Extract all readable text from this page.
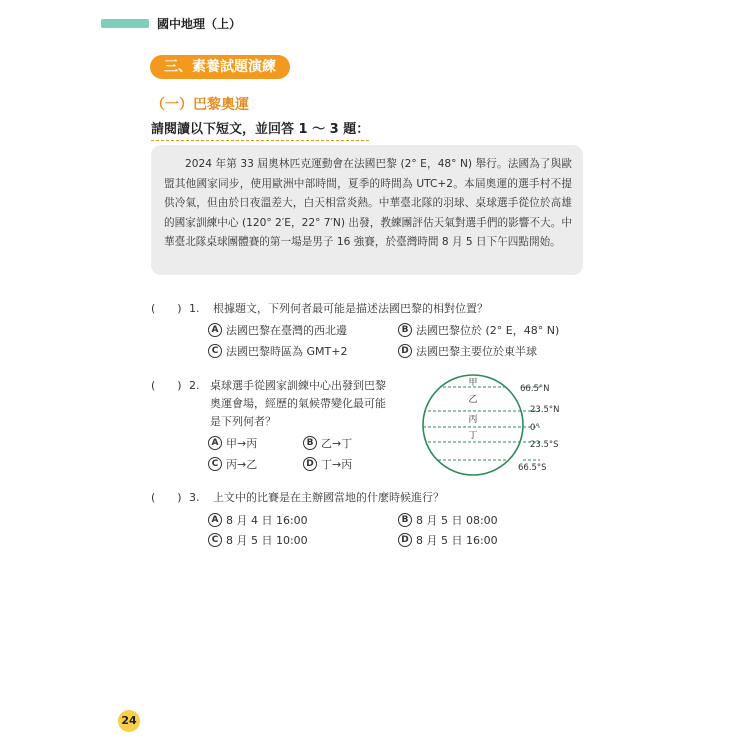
國中地理（上）
三、素養試題演練
（一）巴黎奧運
請閱讀以下短文，並回答 1 ～ 3 題：

2024 年第 33 屆奧林匹克運動會在法國巴黎 (2° E，48° N) 舉行。法國為了與歐盟其他國家同步，使用歐洲中部時間，夏季的時間為 UTC+2。本屆奧運的選手村不提供冷氣，但由於日夜溫差大，白天相當炎熱。中華臺北隊的羽球、桌球選手從位於高雄的國家訓練中心 (120° 2′E，22° 7′N) 出發，教練團評估天氣對選手們的影響不大。中華臺北隊桌球團體賽的第一場是男子 16 強賽，於臺灣時間 8 月 5 日下午四點開始。

(　　) 1. 根據題文，下列何者最可能是描述法國巴黎的相對位置？
A 法國巴黎在臺灣的西北邊	B 法國巴黎位於 (2° E，48° N)
C 法國巴黎時區為 GMT+2	D 法國巴黎主要位於東半球
(　　) 2. 桌球選手從國家訓練中心出發到巴黎奧運會場，經歷的氣候帶變化最可能是下列何者？
A 甲→丙	B 乙→丁
C 丙→乙	D 丁→丙
甲
乙
丙
丁
66.5°N
23.5°N
0°
23.5°S
66.5°S
(　　) 3. 上文中的比賽是在主辦國當地的什麼時候進行？
A 8 月 4 日 16:00	B 8 月 5 日 08:00
C 8 月 5 日 10:00	D 8 月 5 日 16:00
24
